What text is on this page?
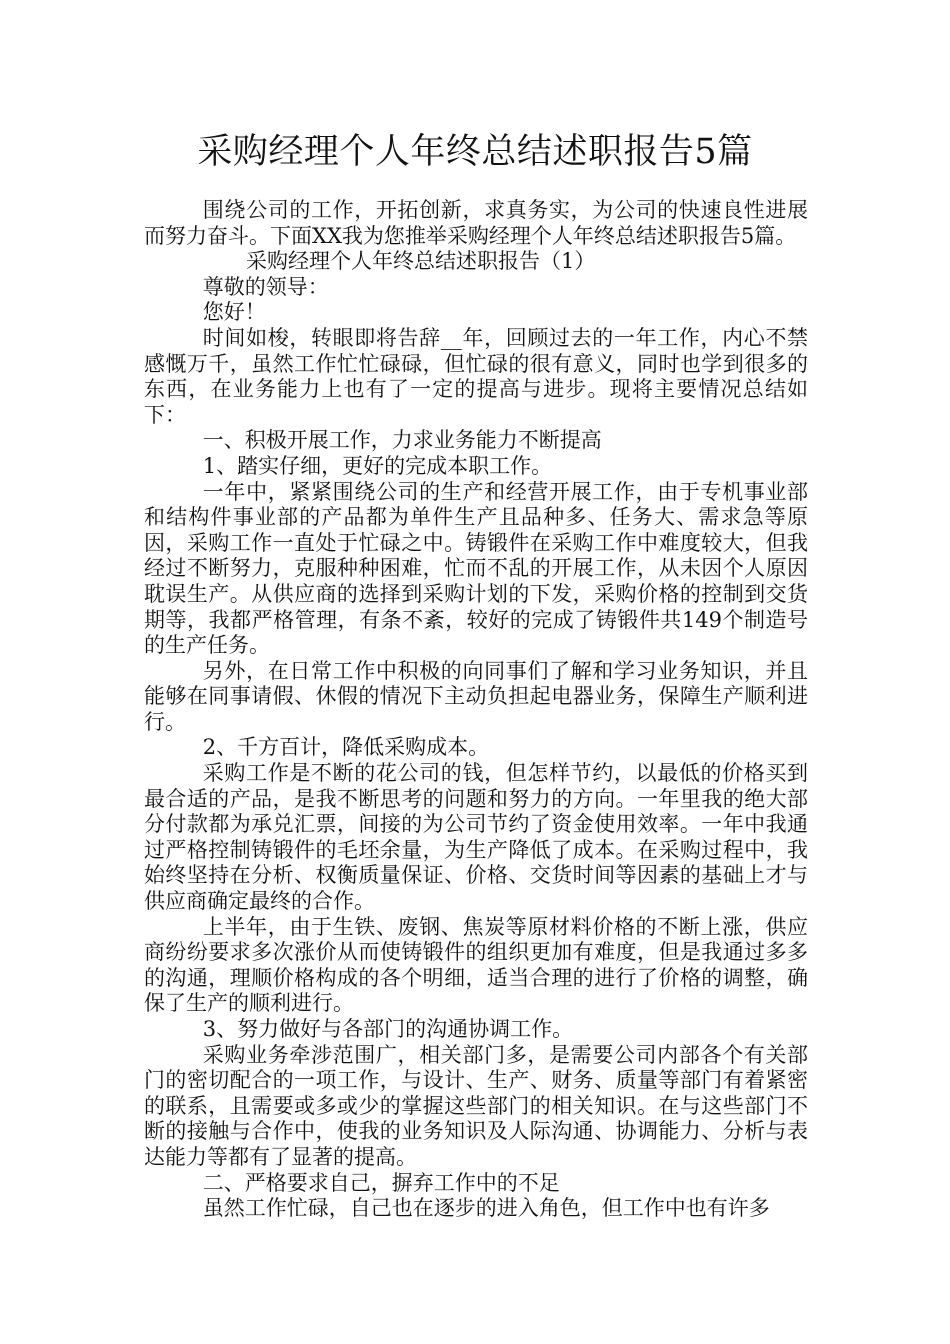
采购经理个人年终总结述职报告5篇

围绕公司的工作，开拓创新，求真务实，为公司的快速良性进展而努力奋斗。下面XX我为您推举采购经理个人年终总结述职报告5篇。

采购经理个人年终总结述职报告（1）

尊敬的领导：

您好！

时间如梭，转眼即将告辞__年，回顾过去的一年工作，内心不禁感慨万千，虽然工作忙忙碌碌，但忙碌的很有意义，同时也学到很多的东西，在业务能力上也有了一定的提高与进步。现将主要情况总结如下：

一、积极开展工作，力求业务能力不断提高

1、踏实仔细，更好的完成本职工作。

一年中，紧紧围绕公司的生产和经营开展工作，由于专机事业部和结构件事业部的产品都为单件生产且品种多、任务大、需求急等原因，采购工作一直处于忙碌之中。铸锻件在采购工作中难度较大，但我经过不断努力，克服种种困难，忙而不乱的开展工作，从未因个人原因耽误生产。从供应商的选择到采购计划的下发，采购价格的控制到交货期等，我都严格管理，有条不紊，较好的完成了铸锻件共149个制造号的生产任务。

另外，在日常工作中积极的向同事们了解和学习业务知识，并且能够在同事请假、休假的情况下主动负担起电器业务，保障生产顺利进行。

2、千方百计，降低采购成本。

采购工作是不断的花公司的钱，但怎样节约，以最低的价格买到最合适的产品，是我不断思考的问题和努力的方向。一年里我的绝大部分付款都为承兑汇票，间接的为公司节约了资金使用效率。一年中我通过严格控制铸锻件的毛坯余量，为生产降低了成本。在采购过程中，我始终坚持在分析、权衡质量保证、价格、交货时间等因素的基础上才与供应商确定最终的合作。

上半年，由于生铁、废钢、焦炭等原材料价格的不断上涨，供应商纷纷要求多次涨价从而使铸锻件的组织更加有难度，但是我通过多多的沟通，理顺价格构成的各个明细，适当合理的进行了价格的调整，确保了生产的顺利进行。

3、努力做好与各部门的沟通协调工作。

采购业务牵涉范围广，相关部门多，是需要公司内部各个有关部门的密切配合的一项工作，与设计、生产、财务、质量等部门有着紧密的联系，且需要或多或少的掌握这些部门的相关知识。在与这些部门不断的接触与合作中，使我的业务知识及人际沟通、协调能力、分析与表达能力等都有了显著的提高。

二、严格要求自己，摒弃工作中的不足

虽然工作忙碌，自己也在逐步的进入角色，但工作中也有许多
